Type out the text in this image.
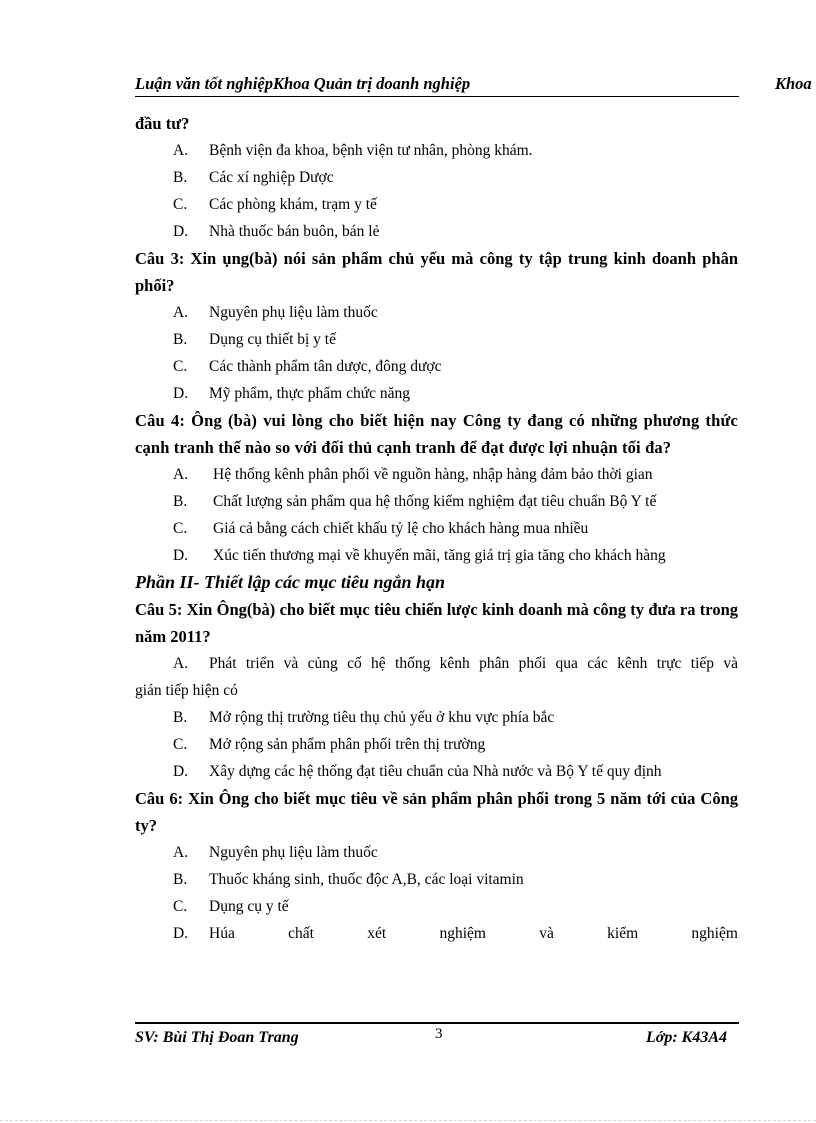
Luận văn tốt nghiệpKhoa Quản trị doanh nghiệp	Khoa
đầu tư?
A. Bệnh viện đa khoa, bệnh viện tư nhân, phòng khám.
B. Các xí nghiệp Dược
C. Các phòng khám, trạm y tế
D. Nhà thuốc bán buôn, bán lẻ
Câu 3: Xin ụng(bà) nói sản phẩm chủ yếu mà công ty tập trung kinh doanh phân phối?
A. Nguyên phụ liệu làm thuốc
B. Dụng cụ thiết bị y tế
C. Các thành phẩm tân dược, đông dược
D. Mỹ phẩm, thực phẩm chức năng
Câu 4: Ông (bà) vui lòng cho biết hiện nay Công ty đang có những phương thức cạnh tranh thế nào so với đối thủ cạnh tranh để đạt được lợi nhuận tối đa?
A. Hệ thống kênh phân phối về nguồn hàng, nhập hàng đảm bảo thời gian
B. Chất lượng sản phẩm qua hệ thống kiểm nghiệm đạt tiêu chuẩn Bộ Y tế
C. Giá cả bằng cách chiết khấu tỷ lệ cho khách hàng mua nhiều
D. Xúc tiến thương mại về khuyến mãi, tăng giá trị gia tăng cho khách hàng
Phần II- Thiết lập các mục tiêu ngắn hạn
Câu 5: Xin Ông(bà) cho biết mục tiêu chiến lược kinh doanh mà công ty đưa ra trong năm 2011?
A.	Phát triển và củng cố hệ thống kênh phân phối qua các kênh trực tiếp và
gián tiếp hiện có
B. Mở rộng thị trường tiêu thụ chủ yếu ở khu vực phía bắc
C. Mở rộng sản phẩm phân phối trên thị trường
D. Xây dựng các hệ thống đạt tiêu chuẩn của Nhà nước và Bộ Y tế quy định
Câu 6: Xin Ông cho biết mục tiêu về sản phẩm phân phối trong 5 năm tới của Công ty?
A. Nguyên phụ liệu làm thuốc
B. Thuốc kháng sinh, thuốc độc A,B, các loại vitamin
C. Dụng cụ y tế
D.	Húa	chất	xét	nghiệm	và	kiểm	nghiệm
SV: Bùi Thị Đoan Trang	3	Lớp: K43A4
